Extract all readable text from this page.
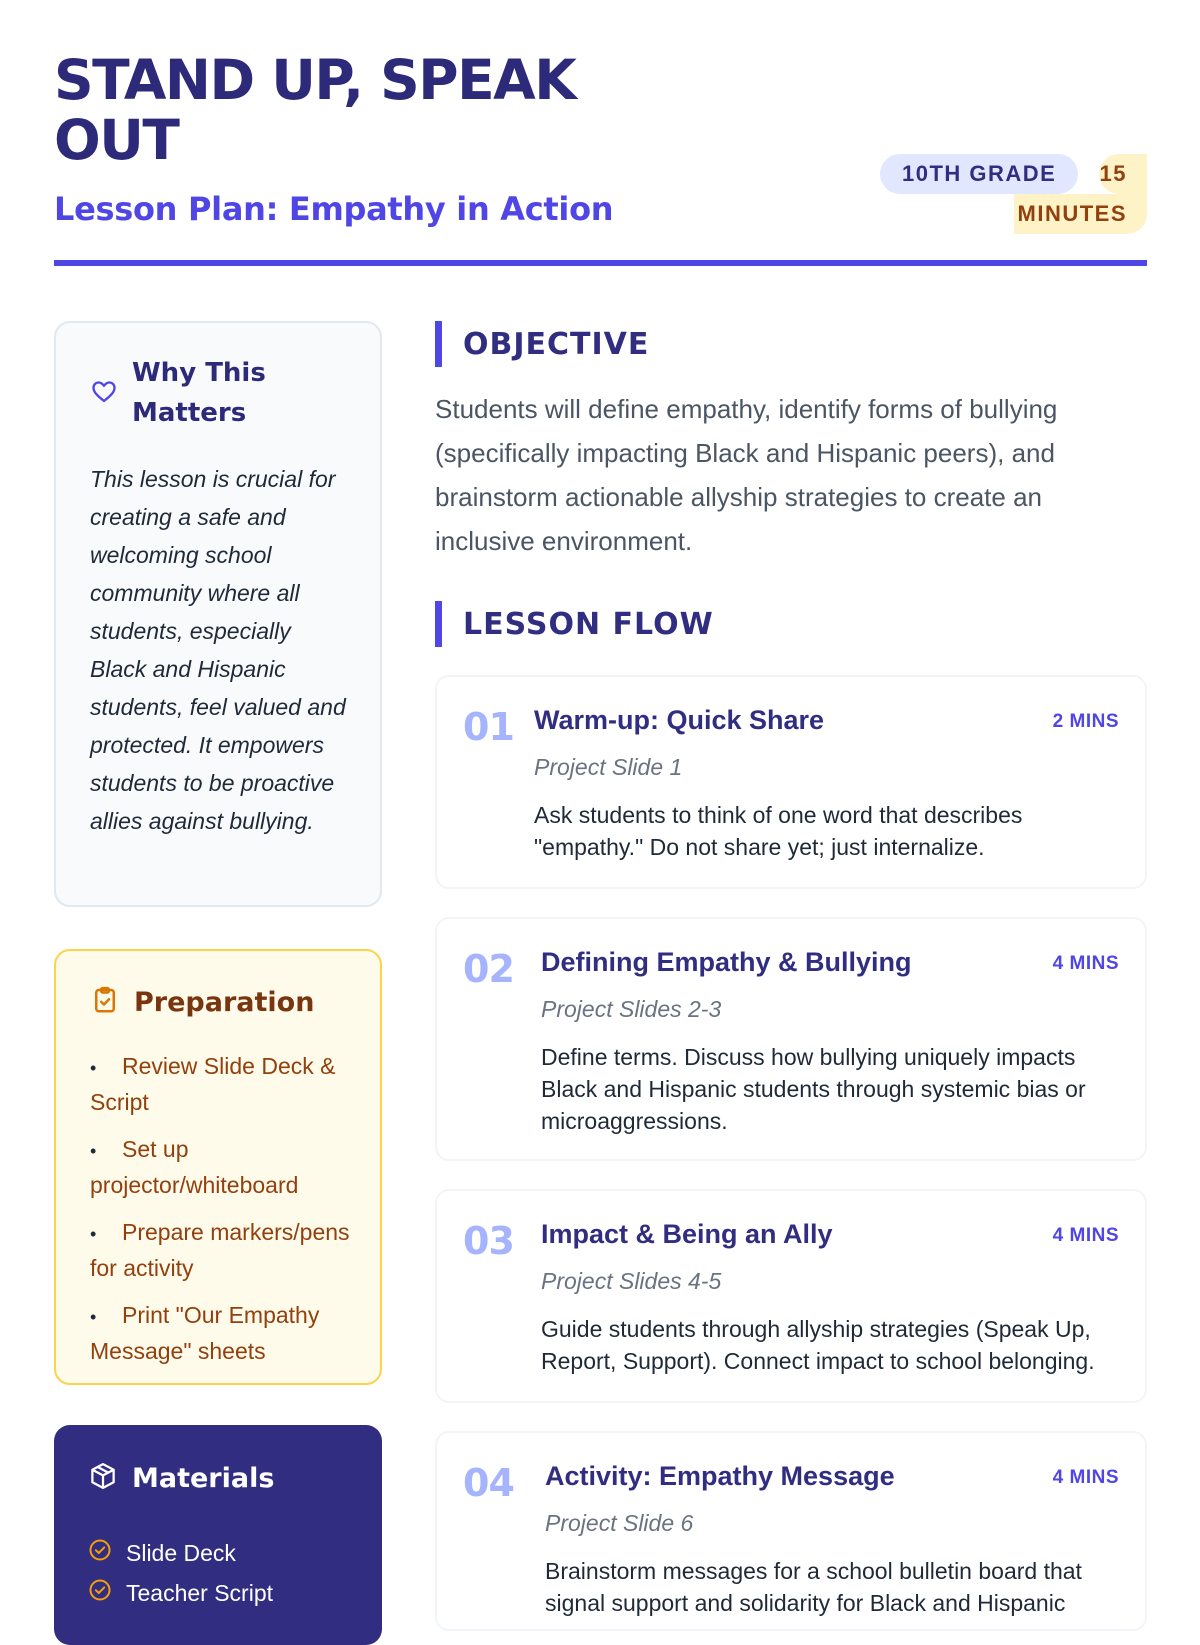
STAND UP, SPEAK OUT
Lesson Plan: Empathy in Action
10TH GRADE	15 MINUTES
Why This Matters

This lesson is crucial for creating a safe and welcoming school community where all students, especially Black and Hispanic students, feel valued and protected. It empowers students to be proactive allies against bullying.

Preparation
• Review Slide Deck & Script
• Set up projector/whiteboard
• Prepare markers/pens for activity
• Print "Our Empathy Message" sheets
Materials
Slide Deck
Teacher Script
OBJECTIVE

Students will define empathy, identify forms of bullying (specifically impacting Black and Hispanic peers), and brainstorm actionable allyship strategies to create an inclusive environment.

LESSON FLOW
01 Warm-up: Quick Share	2 MINS
Project Slide 1

Ask students to think of one word that describes "empathy." Do not share yet; just internalize.

02 Defining Empathy & Bullying	4 MINS
Project Slides 2-3

Define terms. Discuss how bullying uniquely impacts Black and Hispanic students through systemic bias or microaggressions.

03 Impact & Being an Ally	4 MINS
Project Slides 4-5

Guide students through allyship strategies (Speak Up, Report, Support). Connect impact to school belonging.

04 Activity: Empathy Message	4 MINS
Project Slide 6

Brainstorm messages for a school bulletin board that signal support and solidarity for Black and Hispanic
